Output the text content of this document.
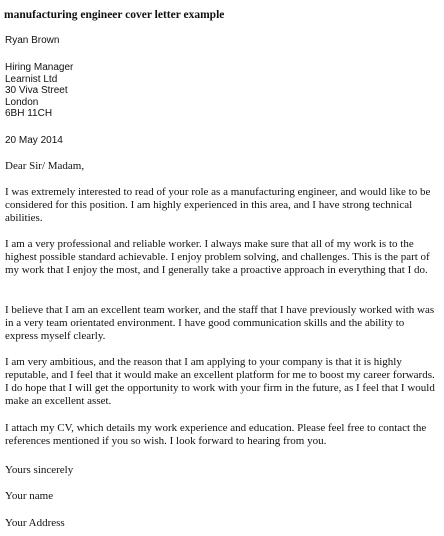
manufacturing engineer cover letter example
Ryan Brown
Hiring Manager
Learnist Ltd
30 Viva Street
London
6BH 11CH
20 May 2014
Dear Sir/ Madam,
I was extremely interested to read of your role as a manufacturing engineer, and would like to be considered for this position. I am highly experienced in this area, and I have strong technical abilities.
I am a very professional and reliable worker. I always make sure that all of my work is to the highest possible standard achievable. I enjoy problem solving, and challenges. This is the part of my work that I enjoy the most, and I generally take a proactive approach in everything that I do.
I believe that I am an excellent team worker, and the staff that I have previously worked with was in a very team orientated environment. I have good communication skills and the ability to express myself clearly.
I am very ambitious, and the reason that I am applying to your company is that it is highly reputable, and I feel that it would make an excellent platform for me to boost my career forwards. I do hope that I will get the opportunity to work with your firm in the future, as I feel that I would make an excellent asset.
I attach my CV, which details my work experience and education. Please feel free to contact the references mentioned if you so wish. I look forward to hearing from you.
Yours sincerely
Your name
Your Address
